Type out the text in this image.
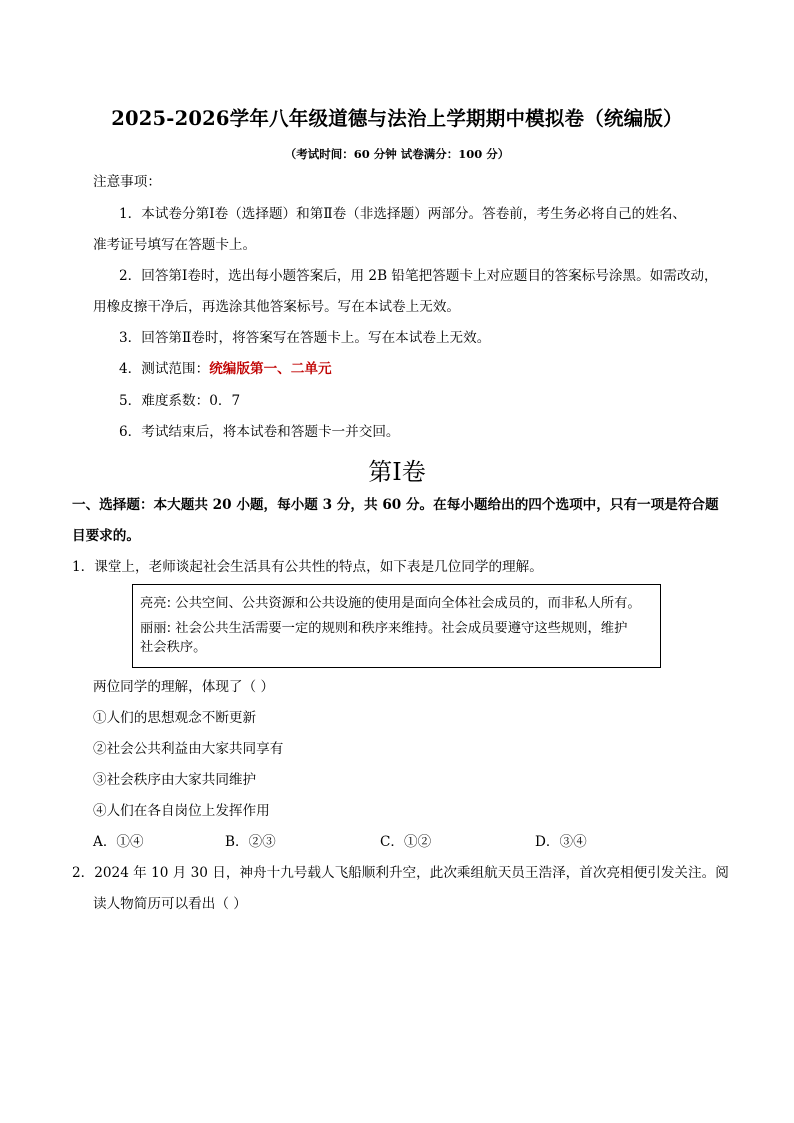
2025-2026学年八年级道德与法治上学期期中模拟卷（统编版）
（考试时间：60 分钟 试卷满分：100 分）
注意事项：
1．本试卷分第Ⅰ卷（选择题）和第Ⅱ卷（非选择题）两部分。答卷前，考生务必将自己的姓名、
准考证号填写在答题卡上。
2．回答第Ⅰ卷时，选出每小题答案后，用 2B 铅笔把答题卡上对应题目的答案标号涂黑。如需改动，
用橡皮擦干净后，再选涂其他答案标号。写在本试卷上无效。
3．回答第Ⅱ卷时，将答案写在答题卡上。写在本试卷上无效。
4．测试范围：统编版第一、二单元
5．难度系数：0．7
6．考试结束后，将本试卷和答题卡一并交回。
第Ⅰ卷
一、选择题：本大题共 20 小题，每小题 3 分，共 60 分。在每小题给出的四个选项中，只有一项是符合题
目要求的。
1．课堂上，老师谈起社会生活具有公共性的特点，如下表是几位同学的理解。
亮亮: 公共空间、公共资源和公共设施的使用是面向全体社会成员的，而非私人所有。
丽丽: 社会公共生活需要一定的规则和秩序来维持。社会成员要遵守这些规则，维护
社会秩序。
两位同学的理解，体现了（ ）
①人们的思想观念不断更新
②社会公共利益由大家共同享有
③社会秩序由大家共同维护
④人们在各自岗位上发挥作用
A．①④	B．②③	C．①②	D．③④
2．2024 年 10 月 30 日，神舟十九号载人飞船顺利升空，此次乘组航天员王浩泽，首次亮相便引发关注。阅
读人物简历可以看出（ ）
